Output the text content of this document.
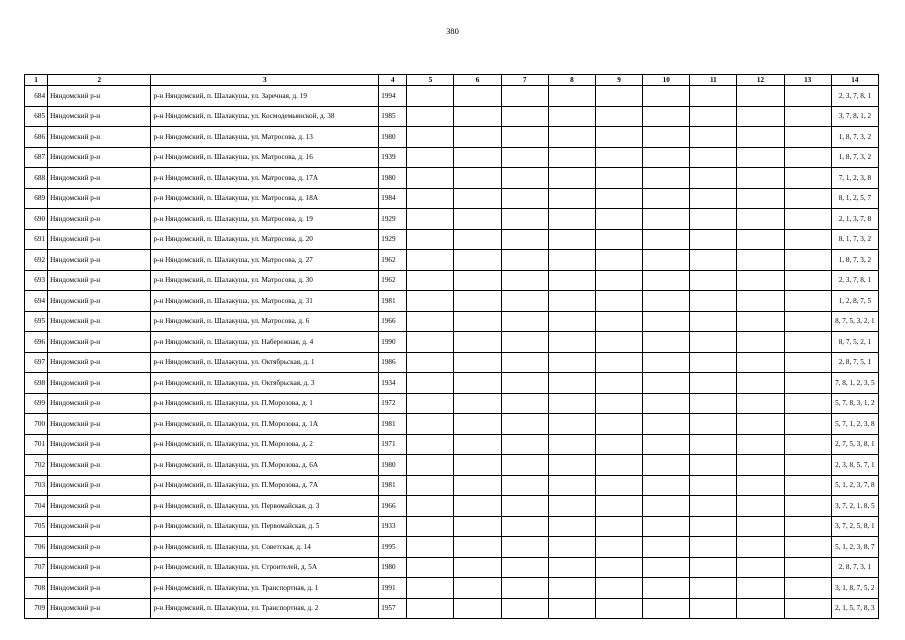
380
1	2	3	4	5	6	7	8	9	10	11	12	13	14
684	Няндомский р-н	р-н Няндомский, п. Шалакуша, ул. Заречная, д. 19	1994										2, 3, 7, 8, 1
685	Няндомский р-н	р-н Няндомский, п. Шалакуша, ул. Космодемьянской, д. 38	1985										3, 7, 8, 1, 2
686	Няндомский р-н	р-н Няндомский, п. Шалакуша, ул. Матросова, д. 13	1980										1, 8, 7, 3, 2
687	Няндомский р-н	р-н Няндомский, п. Шалакуша, ул. Матросова, д. 16	1939										1, 8, 7, 3, 2
688	Няндомский р-н	р-н Няндомский, п. Шалакуша, ул. Матросова, д. 17А	1980										7, 1, 2, 3, 8
689	Няндомский р-н	р-н Няндомский, п. Шалакуша, ул. Матросова, д. 18А	1984										8, 1, 2, 5, 7
690	Няндомский р-н	р-н Няндомский, п. Шалакуша, ул. Матросова, д. 19	1929										2, 1, 3, 7, 8
691	Няндомский р-н	р-н Няндомский, п. Шалакуша, ул. Матросова, д. 20	1929										8, 1, 7, 3, 2
692	Няндомский р-н	р-н Няндомский, п. Шалакуша, ул. Матросова, д. 27	1962										1, 8, 7, 3, 2
693	Няндомский р-н	р-н Няндомский, п. Шалакуша, ул. Матросова, д. 30	1962										2, 3, 7, 8, 1
694	Няндомский р-н	р-н Няндомский, п. Шалакуша, ул. Матросова, д. 31	1981										1, 2, 8, 7, 5
695	Няндомский р-н	р-н Няндомский, п. Шалакуша, ул. Матросова, д. 6	1966										8, 7, 5, 3, 2, 1
696	Няндомский р-н	р-н Няндомский, п. Шалакуша, ул. Набережная, д. 4	1990										8, 7, 5, 2, 1
697	Няндомский р-н	р-н Няндомский, п. Шалакуша, ул. Октябрьская, д. 1	1986										2, 8, 7, 5, 1
698	Няндомский р-н	р-н Няндомский, п. Шалакуша, ул. Октябрьская, д. 3	1934										7, 8, 1, 2, 3, 5
699	Няндомский р-н	р-н Няндомский, п. Шалакуша, ул. П.Морозова, д. 1	1972										5, 7, 8, 3, 1, 2
700	Няндомский р-н	р-н Няндомский, п. Шалакуша, ул. П.Морозова, д. 1А	1981										5, 7, 1, 2, 3, 8
701	Няндомский р-н	р-н Няндомский, п. Шалакуша, ул. П.Морозова, д. 2	1971										2, 7, 5, 3, 8, 1
702	Няндомский р-н	р-н Няндомский, п. Шалакуша, ул. П.Морозова, д. 6А	1980										2, 3, 8, 5, 7, 1
703	Няндомский р-н	р-н Няндомский, п. Шалакуша, ул. П.Морозова, д. 7А	1981										5, 1, 2, 3, 7, 8
704	Няндомский р-н	р-н Няндомский, п. Шалакуша, ул. Первомайская, д. 3	1966										3, 7, 2, 1, 8, 5
705	Няндомский р-н	р-н Няндомский, п. Шалакуша, ул. Первомайская, д. 5	1933										3, 7, 2, 5, 8, 1
706	Няндомский р-н	р-н Няндомский, п. Шалакуша, ул. Советская, д. 14	1995										5, 1, 2, 3, 8, 7
707	Няндомский р-н	р-н Няндомский, п. Шалакуша, ул. Строителей, д. 5А	1980										2, 8, 7, 3, 1
708	Няндомский р-н	р-н Няндомский, п. Шалакуша, ул. Транспортная, д. 1	1991										3, 1, 8, 7, 5, 2
709	Няндомский р-н	р-н Няндомский, п. Шалакуша, ул. Транспортная, д. 2	1957										2, 1, 5, 7, 8, 3
